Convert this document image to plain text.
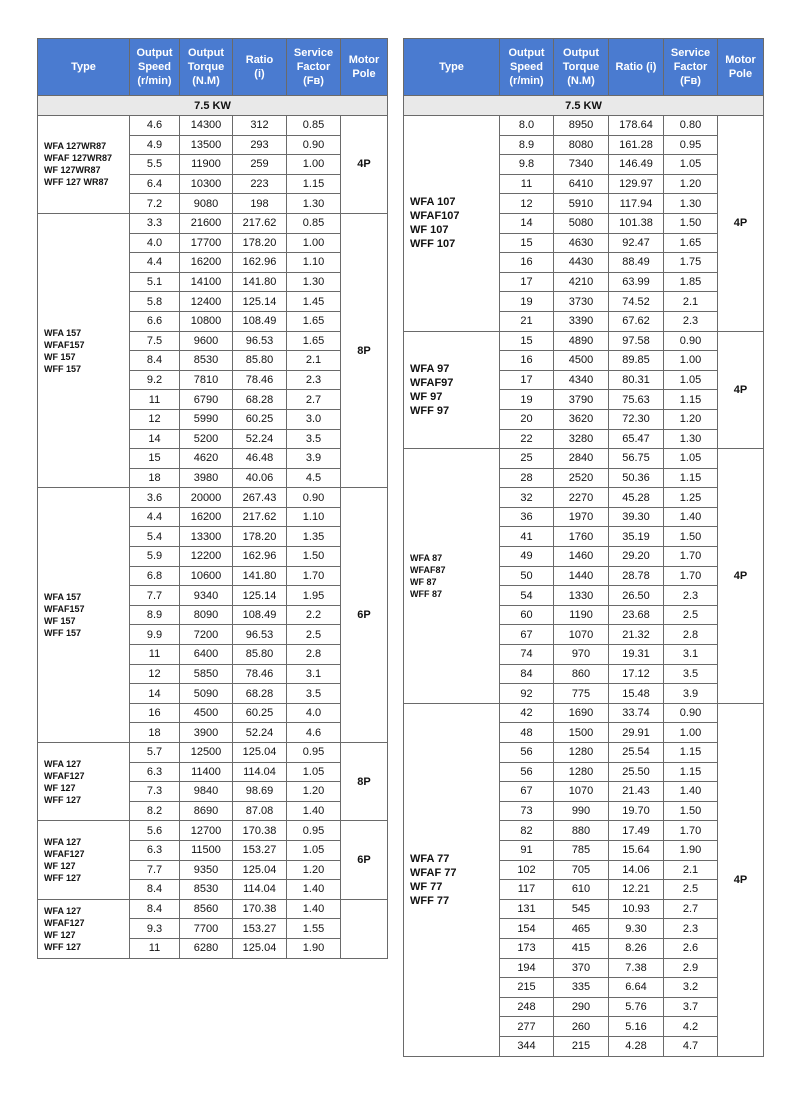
Type	Output
Speed
(r/min)	Output
Torque
(N.M)	Ratio
(i)	Service
Factor
(Fʙ)	Motor
Pole

7.5 KW					

WFA 127WR87
WFAF 127WR87
WF 127WR87
WFF 127 WR87	4.6	14300	312	0.85	4P
	4.9	13500	293	0.90	
	5.5	11900	259	1.00	
	6.4	10300	223	1.15	
	7.2	9080	198	1.30	

WFA 157
WFAF157
WF 157
WFF 157	3.3	21600	217.62	0.85	8P
	4.0	17700	178.20	1.00	
	4.4	16200	162.96	1.10	
	5.1	14100	141.80	1.30	
	5.8	12400	125.14	1.45	
	6.6	10800	108.49	1.65	
	7.5	9600	96.53	1.65	
	8.4	8530	85.80	2.1	
	9.2	7810	78.46	2.3	
	11	6790	68.28	2.7	
	12	5990	60.25	3.0	
	14	5200	52.24	3.5	
	15	4620	46.48	3.9	
	18	3980	40.06	4.5	

WFA 157
WFAF157
WF 157
WFF 157	3.6	20000	267.43	0.90	6P
	4.4	16200	217.62	1.10	
	5.4	13300	178.20	1.35	
	5.9	12200	162.96	1.50	
	6.8	10600	141.80	1.70	
	7.7	9340	125.14	1.95	
	8.9	8090	108.49	2.2	
	9.9	7200	96.53	2.5	
	11	6400	85.80	2.8	
	12	5850	78.46	3.1	
	14	5090	68.28	3.5	
	16	4500	60.25	4.0	
	18	3900	52.24	4.6	

WFA 127
WFAF127
WF 127
WFF 127	5.7	12500	125.04	0.95	8P
	6.3	11400	114.04	1.05	
	7.3	9840	98.69	1.20	
	8.2	8690	87.08	1.40	

WFA 127
WFAF127
WF 127
WFF 127	5.6	12700	170.38	0.95	6P
	6.3	11500	153.27	1.05	
	7.7	9350	125.04	1.20	
	8.4	8530	114.04	1.40	

WFA 127
WFAF127
WF 127
WFF 127	8.4	8560	170.38	1.40	
	9.3	7700	153.27	1.55	
	11	6280	125.04	1.90	
Type	Output
Speed
(r/min)	Output
Torque
(N.M)	Ratio (i)	Service
Factor
(Fʙ)	Motor
Pole

7.5 KW					

WFA 107
WFAF107
WF 107
WFF 107	8.0	8950	178.64	0.80	4P
	8.9	8080	161.28	0.95	
	9.8	7340	146.49	1.05	
	11	6410	129.97	1.20	
	12	5910	117.94	1.30	
	14	5080	101.38	1.50	
	15	4630	92.47	1.65	
	16	4430	88.49	1.75	
	17	4210	63.99	1.85	
	19	3730	74.52	2.1	
	21	3390	67.62	2.3	

WFA 97
WFAF97
WF 97
WFF 97	15	4890	97.58	0.90	4P
	16	4500	89.85	1.00	
	17	4340	80.31	1.05	
	19	3790	75.63	1.15	
	20	3620	72.30	1.20	
	22	3280	65.47	1.30	

WFA 87
WFAF87
WF 87
WFF 87	25	2840	56.75	1.05	4P
	28	2520	50.36	1.15	
	32	2270	45.28	1.25	
	36	1970	39.30	1.40	
	41	1760	35.19	1.50	
	49	1460	29.20	1.70	
	50	1440	28.78	1.70	
	54	1330	26.50	2.3	
	60	1190	23.68	2.5	
	67	1070	21.32	2.8	
	74	970	19.31	3.1	
	84	860	17.12	3.5	
	92	775	15.48	3.9	

WFA 77
WFAF 77
WF 77
WFF 77	42	1690	33.74	0.90	4P
	48	1500	29.91	1.00	
	56	1280	25.54	1.15	
	56	1280	25.50	1.15	
	67	1070	21.43	1.40	
	73	990	19.70	1.50	
	82	880	17.49	1.70	
	91	785	15.64	1.90	
	102	705	14.06	2.1	
	117	610	12.21	2.5	
	131	545	10.93	2.7	
	154	465	9.30	2.3	
	173	415	8.26	2.6	
	194	370	7.38	2.9	
	215	335	6.64	3.2	
	248	290	5.76	3.7	
	277	260	5.16	4.2	
	344	215	4.28	4.7	
